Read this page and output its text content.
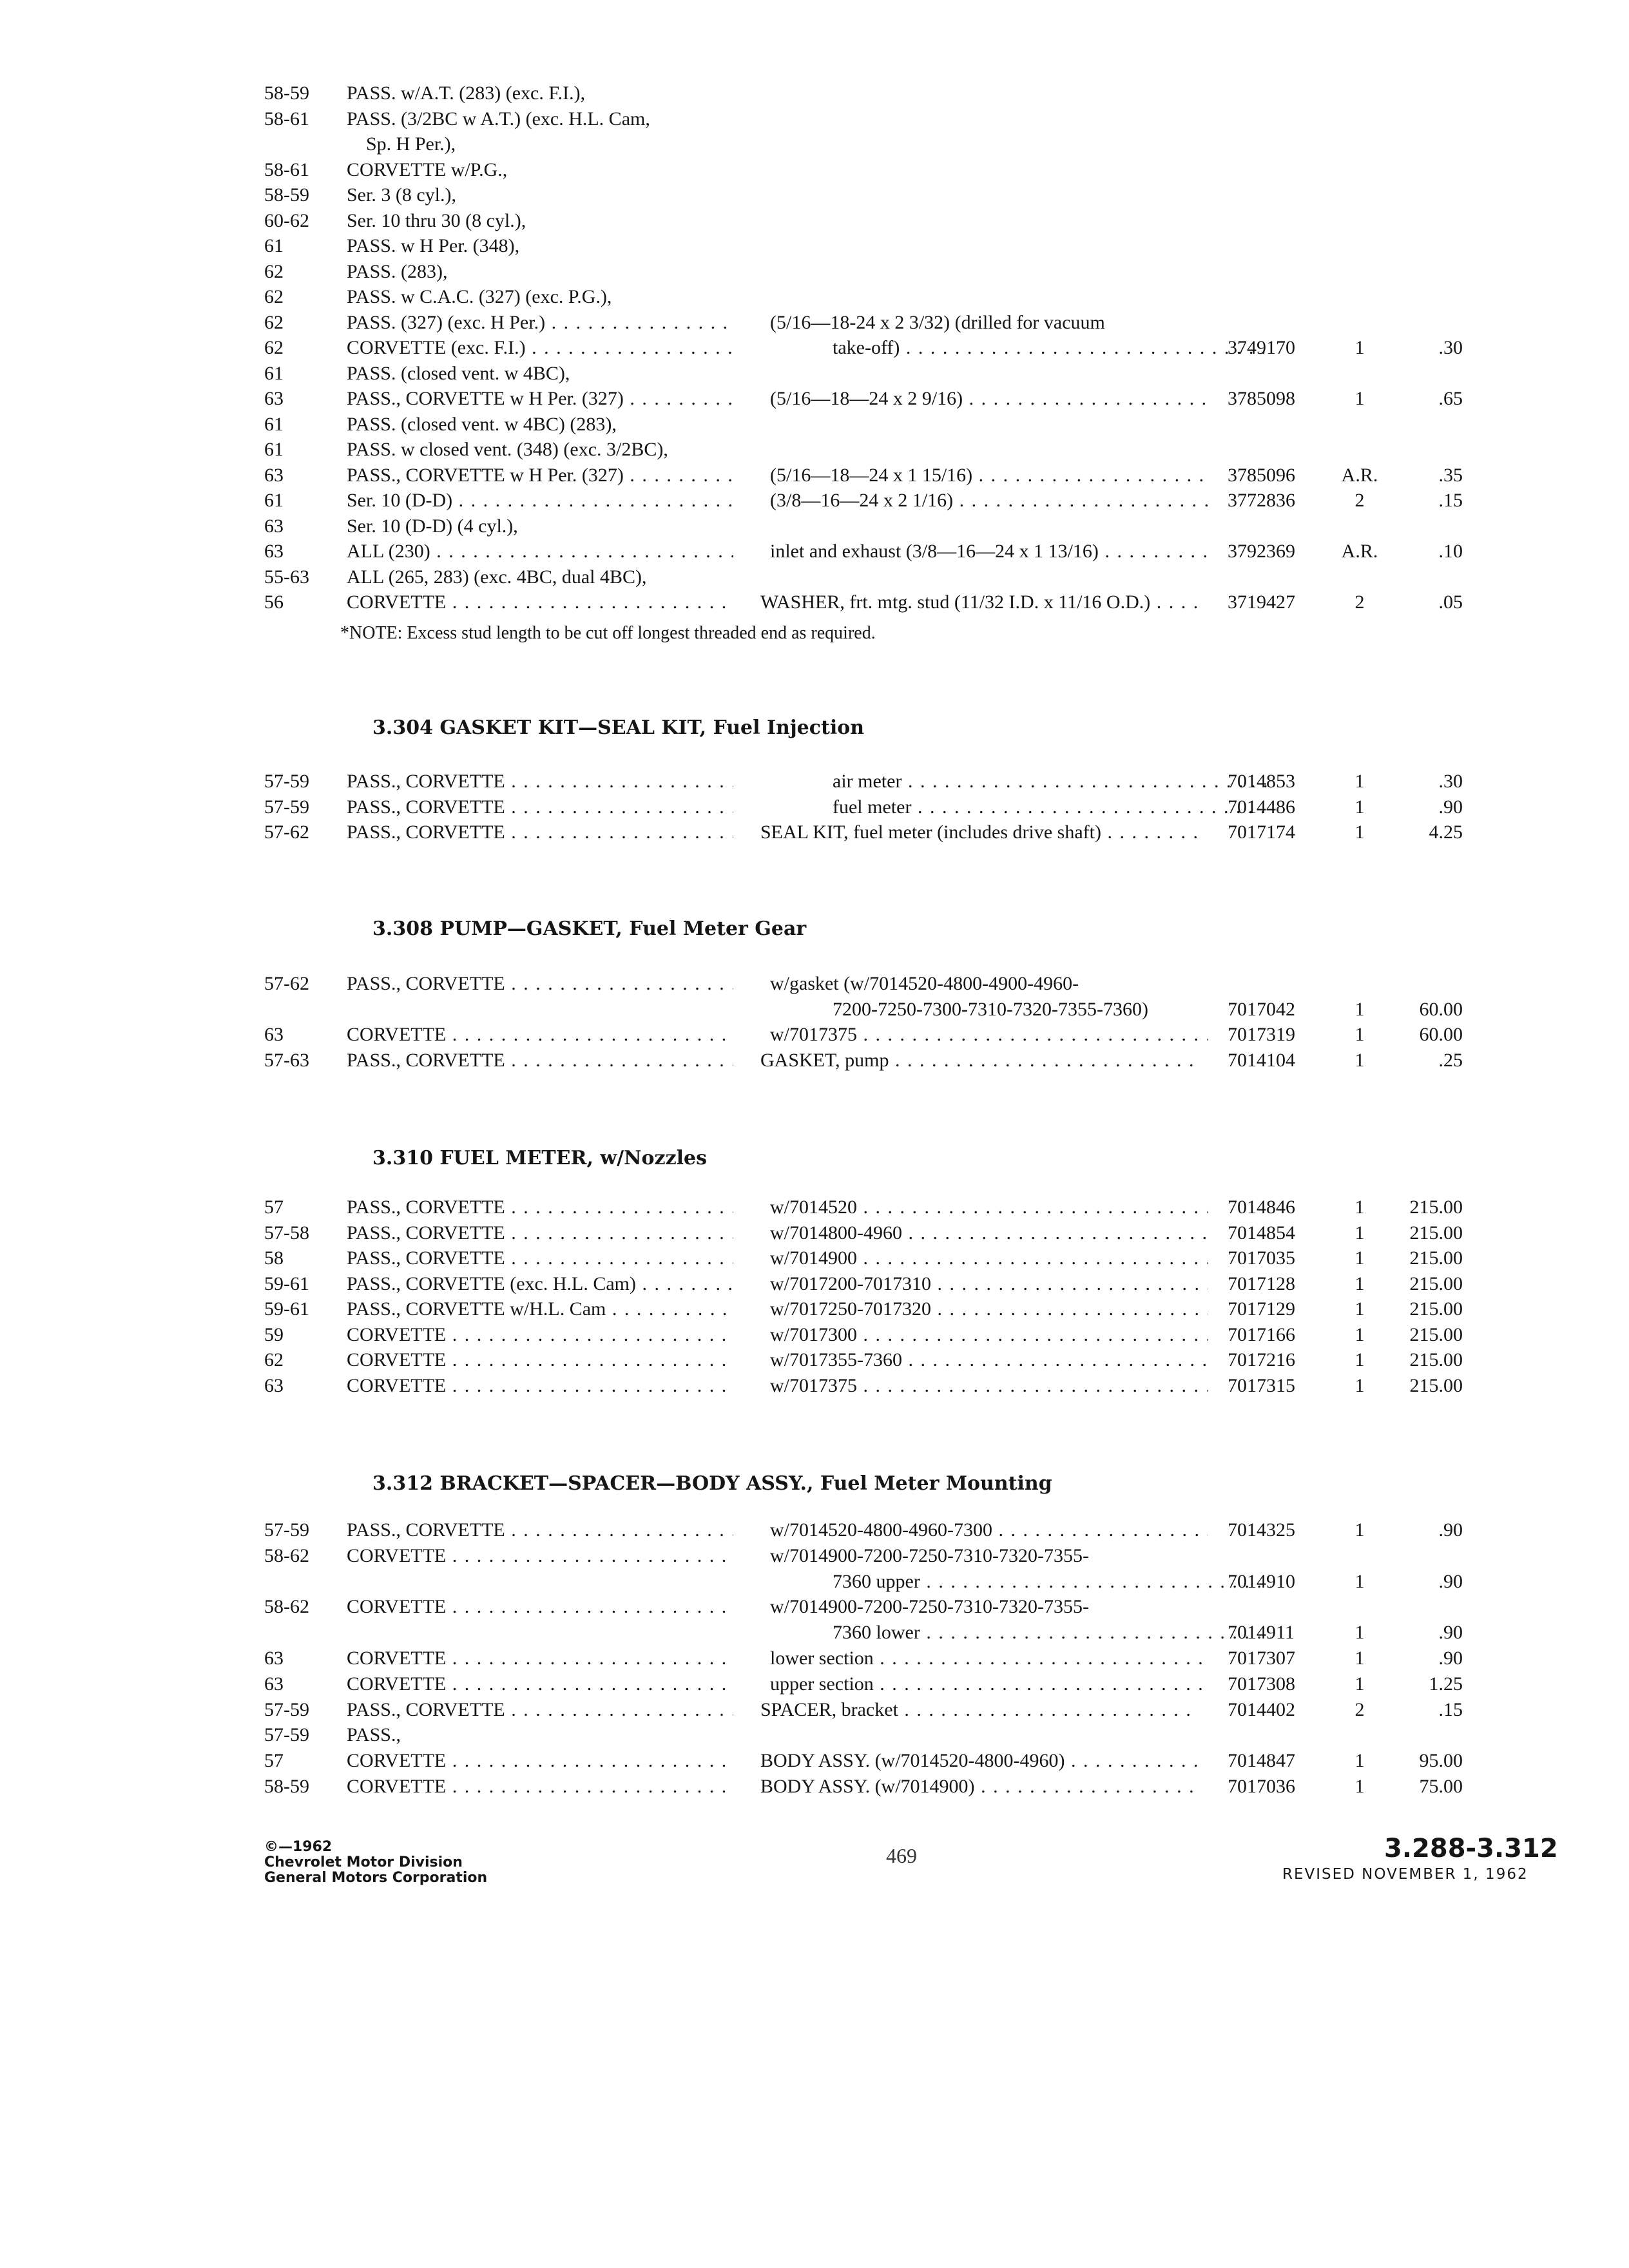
58-59 PASS. w/A.T. (283) (exc. F.I.),
58-61 PASS. (3/2BC w A.T.) (exc. H.L. Cam,
Sp. H Per.),
58-61 CORVETTE w/P.G.,
58-59 Ser. 3 (8 cyl.),
60-62 Ser. 10 thru 30 (8 cyl.),
61	PASS. w H Per. (348),
62	PASS. (283),
62	PASS. w C.A.C. (327) (exc. P.G.),
62	PASS. (327) (exc. H Per.) . . .	(5/16—18-24 x 2 3/32) (drilled for vacuum
62	CORVETTE (exc. F.I.) . . .	take-off) . . .	3749170	1	.30
61	PASS. (closed vent. w 4BC),
63	PASS., CORVETTE w H Per. (327) . . .	(5/16—18—24 x 2 9/16) . . .	3785098	1	.65
61	PASS. (closed vent. w 4BC) (283),
61	PASS. w closed vent. (348) (exc. 3/2BC),
63	PASS., CORVETTE w H Per. (327) . . .	(5/16—18—24 x 1 15/16) . . .	3785096	A.R.	.35
61	Ser. 10 (D-D) . . .	(3/8—16—24 x 2 1/16) . . .	3772836	2	.15
63	Ser. 10 (D-D) (4 cyl.),
63	ALL (230) . . .	inlet and exhaust (3/8—16—24 x 1 13/16) . . .	3792369	A.R.	.10
55-63 ALL (265, 283) (exc. 4BC, dual 4BC),
56	CORVETTE . . .	WASHER, frt. mtg. stud (11/32 I.D. x 11/16 O.D.) . . .	3719427	2	.05
*NOTE: Excess stud length to be cut off longest threaded end as required.
3.304 GASKET KIT—SEAL KIT, Fuel Injection
57-59 PASS., CORVETTE . . .	air meter . . .	7014853	1	.30
57-59 PASS., CORVETTE . . .	fuel meter . . .	7014486	1	.90
57-62 PASS., CORVETTE . . .	SEAL KIT, fuel meter (includes drive shaft) . . .	7017174	1	4.25
3.308 PUMP—GASKET, Fuel Meter Gear
57-62 PASS., CORVETTE . . .	w/gasket (w/7014520-4800-4900-4960-
7200-7250-7300-7310-7320-7355-7360)	7017042	1	60.00
63	CORVETTE . . .	w/7017375 . . .	7017319	1	60.00
57-63 PASS., CORVETTE . . .	GASKET, pump . . .	7014104	1	.25
3.310 FUEL METER, w/Nozzles
57	PASS., CORVETTE . . .	w/7014520 . . .	7014846	1	215.00
57-58 PASS., CORVETTE . . .	w/7014800-4960 . . .	7014854	1	215.00
58	PASS., CORVETTE . . .	w/7014900 . . .	7017035	1	215.00
59-61 PASS., CORVETTE (exc. H.L. Cam) . . .	w/7017200-7017310 . . .	7017128	1	215.00
59-61 PASS., CORVETTE w/H.L. Cam . . .	w/7017250-7017320 . . .	7017129	1	215.00
59	CORVETTE . . .	w/7017300 . . .	7017166	1	215.00
62	CORVETTE . . .	w/7017355-7360 . . .	7017216	1	215.00
63	CORVETTE . . .	w/7017375 . . .	7017315	1	215.00
3.312 BRACKET—SPACER—BODY ASSY., Fuel Meter Mounting
57-59 PASS., CORVETTE . . .	w/7014520-4800-4960-7300 . . .	7014325	1	.90
58-62 CORVETTE . . .	w/7014900-7200-7250-7310-7320-7355-
7360 upper . . .	7014910	1	.90
58-62 CORVETTE . . .	w/7014900-7200-7250-7310-7320-7355-
7360 lower . . .	7014911	1	.90
63	CORVETTE . . .	lower section . . .	7017307	1	.90
63	CORVETTE . . .	upper section . . .	7017308	1	1.25
57-59 PASS., CORVETTE . . .	SPACER, bracket . . .	7014402	2	.15
57-59 PASS.,
57	CORVETTE . . .	BODY ASSY. (w/7014520-4800-4960) . . .	7014847	1	95.00
58-59 CORVETTE . . .	BODY ASSY. (w/7014900) . . .	7017036	1	75.00
©—1962
Chevrolet Motor Division
General Motors Corporation
469	3.288-3.312
REVISED NOVEMBER 1, 1962
